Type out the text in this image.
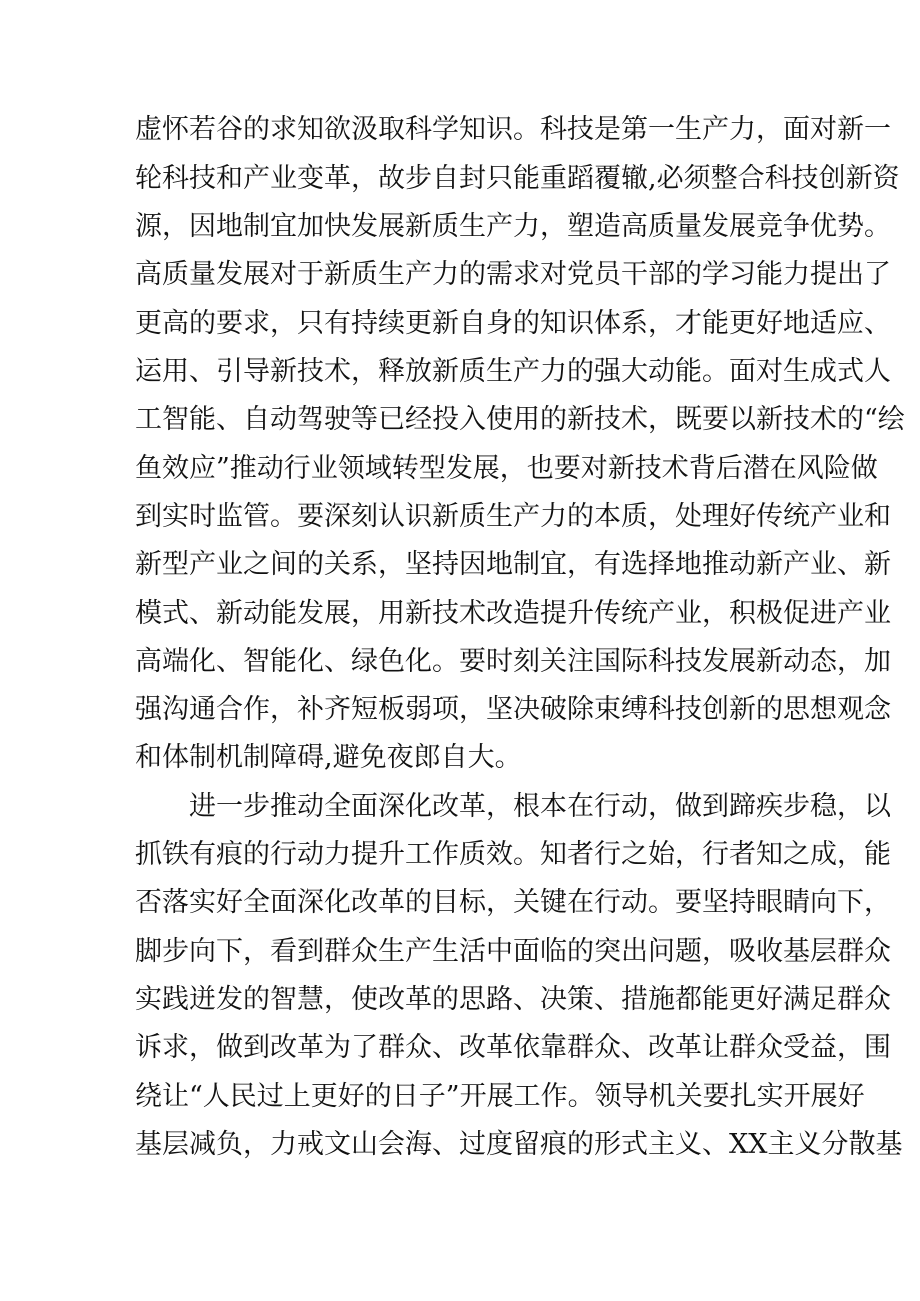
虚怀若谷的求知欲汲取科学知识。科技是第一生产力，面对新一
轮科技和产业变革，故步自封只能重蹈覆辙,必须整合科技创新资
源，因地制宜加快发展新质生产力，塑造高质量发展竞争优势。
高质量发展对于新质生产力的需求对党员干部的学习能力提出了
更高的要求，只有持续更新自身的知识体系，才能更好地适应、
运用、引导新技术，释放新质生产力的强大动能。面对生成式人
工智能、自动驾驶等已经投入使用的新技术，既要以新技术的“绘
鱼效应”推动行业领域转型发展，也要对新技术背后潜在风险做
到实时监管。要深刻认识新质生产力的本质，处理好传统产业和
新型产业之间的关系，坚持因地制宜，有选择地推动新产业、新
模式、新动能发展，用新技术改造提升传统产业，积极促进产业
高端化、智能化、绿色化。要时刻关注国际科技发展新动态，加
强沟通合作，补齐短板弱项，坚决破除束缚科技创新的思想观念
和体制机制障碍,避免夜郎自大。
进一步推动全面深化改革，根本在行动，做到蹄疾步稳，以
抓铁有痕的行动力提升工作质效。知者行之始，行者知之成，能
否落实好全面深化改革的目标，关键在行动。要坚持眼睛向下，
脚步向下，看到群众生产生活中面临的突出问题，吸收基层群众
实践迸发的智慧，使改革的思路、决策、措施都能更好满足群众
诉求，做到改革为了群众、改革依靠群众、改革让群众受益，围
绕让“人民过上更好的日子”开展工作。领导机关要扎实开展好
基层减负，力戒文山会海、过度留痕的形式主义、XX主义分散基
